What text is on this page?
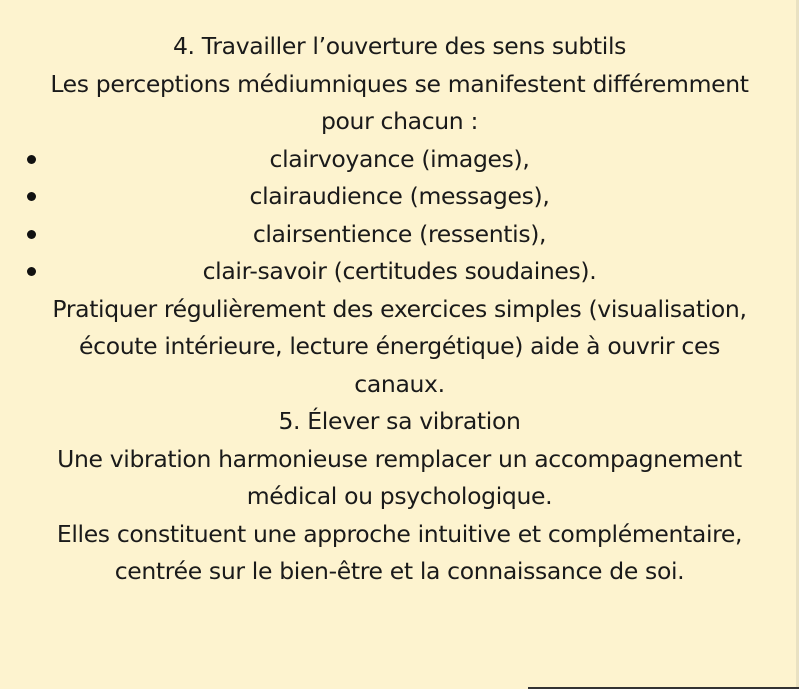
4. Travailler l’ouverture des sens subtils
Les perceptions médiumniques se manifestent différemment
pour chacun :
clairvoyance (images),
clairaudience (messages),
clairsentience (ressentis),
clair-savoir (certitudes soudaines).
Pratiquer régulièrement des exercices simples (visualisation,
écoute intérieure, lecture énergétique) aide à ouvrir ces
canaux.
5. Élever sa vibration
Une vibration harmonieuse remplacer un accompagnement
médical ou psychologique.
Elles constituent une approche intuitive et complémentaire,
centrée sur le bien-être et la connaissance de soi.
